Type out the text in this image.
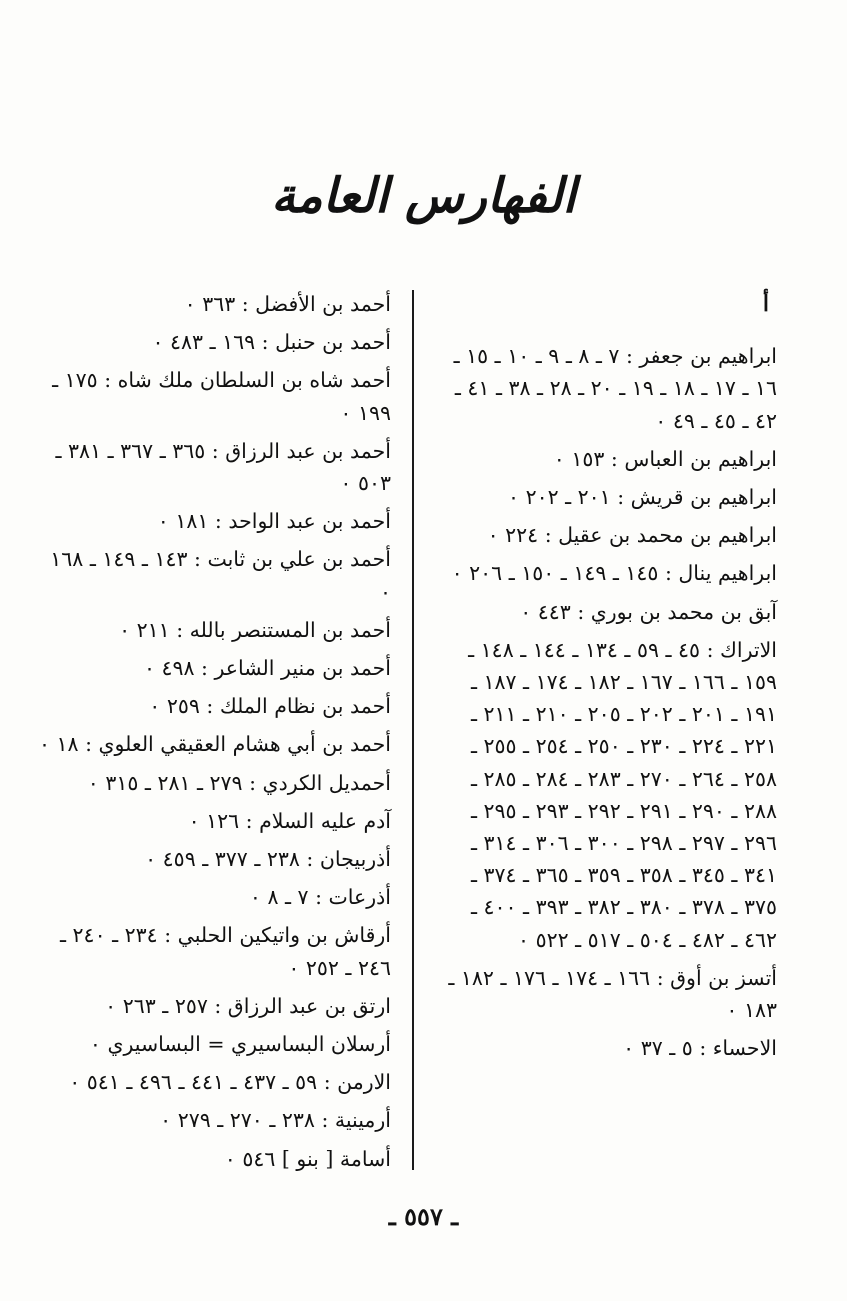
الفهارس العامة
أ
ابراهيم بن جعفر : ٧ ـ ٨ ـ ٩ ـ ١٠ ـ ١٥ ـ ١٦ ـ ١٧ ـ ١٨ ـ ١٩ ـ ٢٠ ـ ٢٨ ـ ٣٨ ـ ٤١ ـ ٤٢ ـ ٤٥ ـ ٤٩ ٠
ابراهيم بن العباس : ١٥٣ ٠
ابراهيم بن قريش : ٢٠١ ـ ٢٠٢ ٠
ابراهيم بن محمد بن عقيل : ٢٢٤ ٠
ابراهيم ينال : ١٤٥ ـ ١٤٩ ـ ١٥٠ ـ ٢٠٦ ٠
آبق بن محمد بن بوري : ٤٤٣ ٠
الاتراك : ٤٥ ـ ٥٩ ـ ١٣٤ ـ ١٤٤ ـ ١٤٨ ـ ١٥٩ ـ ١٦٦ ـ ١٦٧ ـ ١٨٢ ـ ١٧٤ ـ ١٨٧ ـ ١٩١ ـ ٢٠١ ـ ٢٠٢ ـ ٢٠٥ ـ ٢١٠ ـ ٢١١ ـ ٢٢١ ـ ٢٢٤ ـ ٢٣٠ ـ ٢٥٠ ـ ٢٥٤ ـ ٢٥٥ ـ ٢٥٨ ـ ٢٦٤ ـ ٢٧٠ ـ ٢٨٣ ـ ٢٨٤ ـ ٢٨٥ ـ ٢٨٨ ـ ٢٩٠ ـ ٢٩١ ـ ٢٩٢ ـ ٢٩٣ ـ ٢٩٥ ـ ٢٩٦ ـ ٢٩٧ ـ ٢٩٨ ـ ٣٠٠ ـ ٣٠٦ ـ ٣١٤ ـ ٣٤١ ـ ٣٤٥ ـ ٣٥٨ ـ ٣٥٩ ـ ٣٦٥ ـ ٣٧٤ ـ ٣٧٥ ـ ٣٧٨ ـ ٣٨٠ ـ ٣٨٢ ـ ٣٩٣ ـ ٤٠٠ ـ ٤٦٢ ـ ٤٨٢ ـ ٥٠٤ ـ ٥١٧ ـ ٥٢٢ ٠
أتسز بن أوق : ١٦٦ ـ ١٧٤ ـ ١٧٦ ـ ١٨٢ ـ ١٨٣ ٠
الاحساء : ٥ ـ ٣٧ ٠
أحمد بن الأفضل : ٣٦٣ ٠
أحمد بن حنبل : ١٦٩ ـ ٤٨٣ ٠
أحمد شاه بن السلطان ملك شاه : ١٧٥ ـ ١٩٩ ٠
أحمد بن عبد الرزاق : ٣٦٥ ـ ٣٦٧ ـ ٣٨١ ـ ٥٠٣ ٠
أحمد بن عبد الواحد : ١٨١ ٠
أحمد بن علي بن ثابت : ١٤٣ ـ ١٤٩ ـ ١٦٨ ٠
أحمد بن المستنصر بالله : ٢١١ ٠
أحمد بن منير الشاعر : ٤٩٨ ٠
أحمد بن نظام الملك : ٢٥٩ ٠
أحمد بن أبي هشام العقيقي العلوي : ١٨ ٠
أحمديل الكردي : ٢٧٩ ـ ٢٨١ ـ ٣١٥ ٠
آدم عليه السلام : ١٢٦ ٠
أذربيجان : ٢٣٨ ـ ٣٧٧ ـ ٤٥٩ ٠
أذرعات : ٧ ـ ٨ ٠
أرقاش بن واتيكين الحلبي : ٢٣٤ ـ ٢٤٠ ـ ٢٤٦ ـ ٢٥٢ ٠
ارتق بن عبد الرزاق : ٢٥٧ ـ ٢٦٣ ٠
أرسلان البساسيري = البساسيري ٠
الارمن : ٥٩ ـ ٤٣٧ ـ ٤٤١ ـ ٤٩٦ ـ ٥٤١ ٠
أرمينية : ٢٣٨ ـ ٢٧٠ ـ ٢٧٩ ٠
أسامة [ بنو ] ٥٤٦ ٠
ـ ٥٥٧ ـ
